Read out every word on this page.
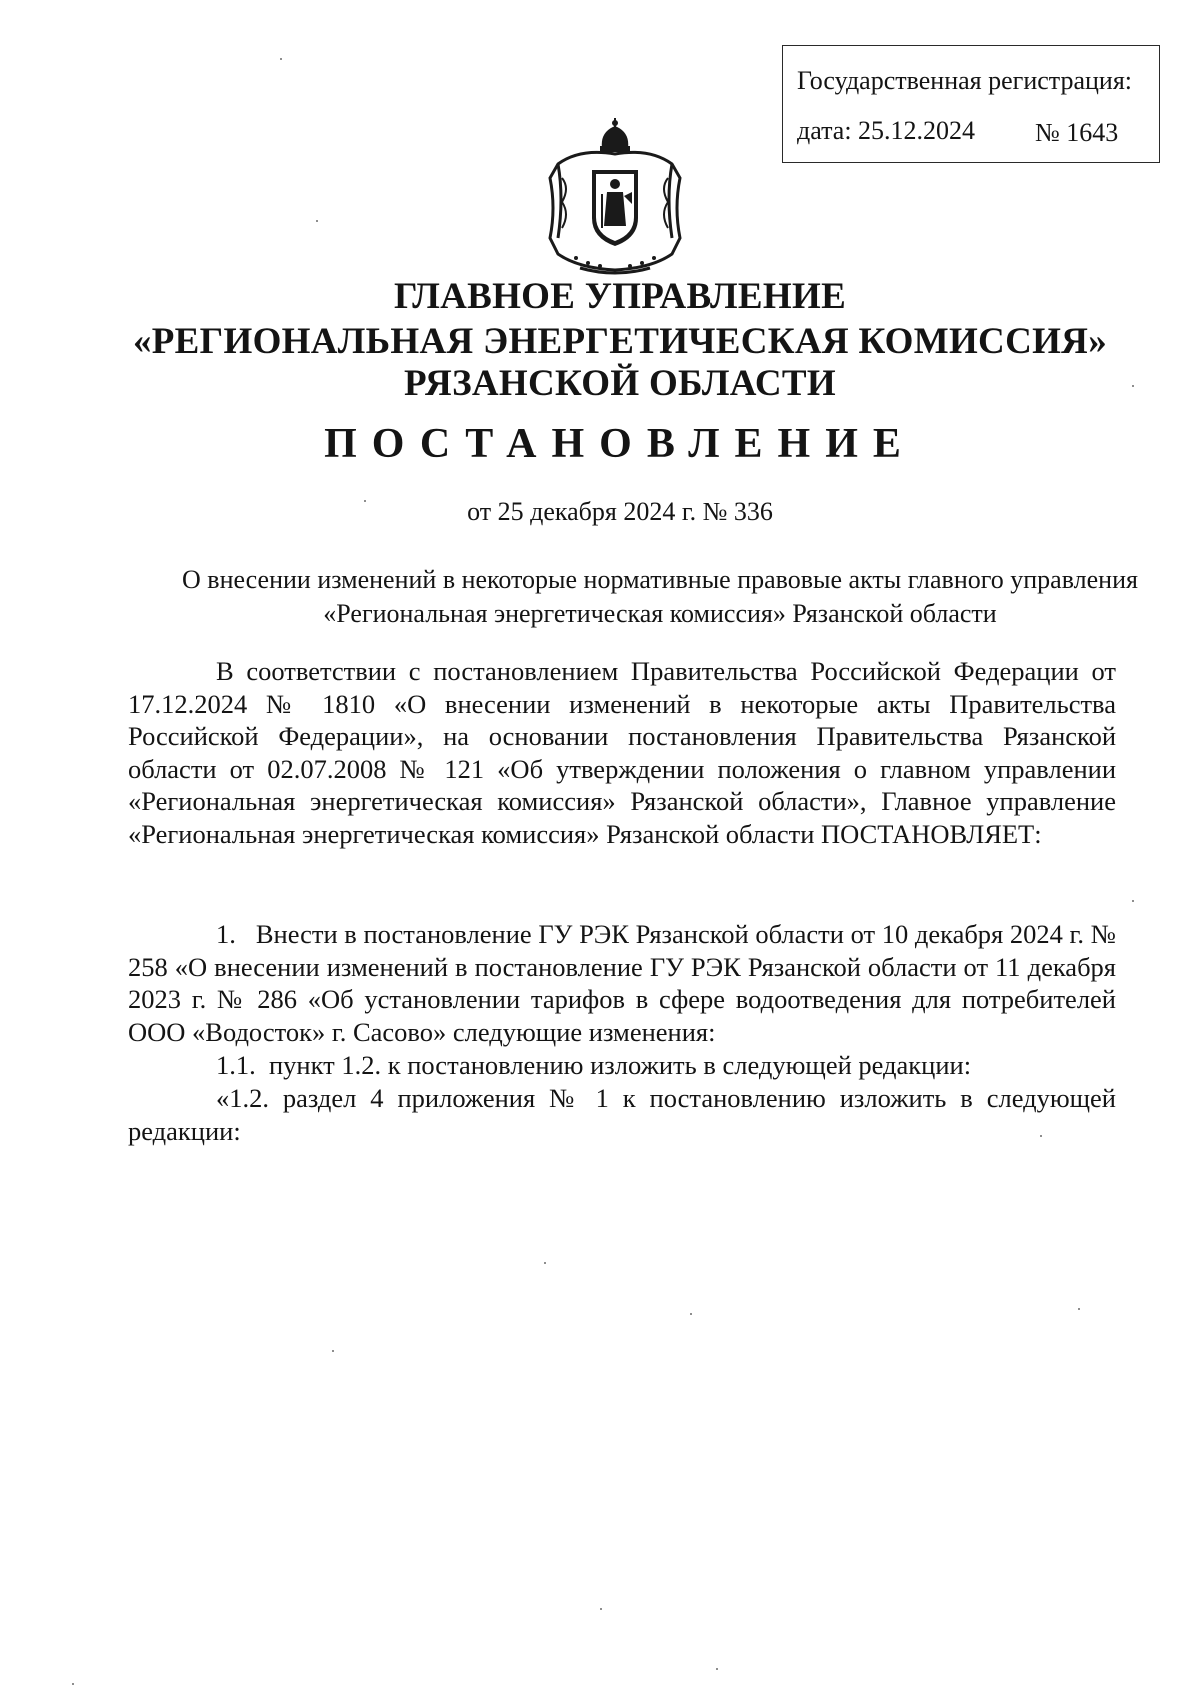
Государственная регистрация:
дата: 25.12.2024 № 1643
ГЛАВНОЕ УПРАВЛЕНИЕ
«РЕГИОНАЛЬНАЯ ЭНЕРГЕТИЧЕСКАЯ КОМИССИЯ»
РЯЗАНСКОЙ ОБЛАСТИ
ПОСТАНОВЛЕНИЕ
от 25 декабря 2024 г. № 336
О внесении изменений в некоторые нормативные правовые акты главного управления «Региональная энергетическая комиссия» Рязанской области

В соответствии с постановлением Правительства Российской Федерации от 17.12.2024 № 1810 «О внесении изменений в некоторые акты Правительства Российской Федерации», на основании постановления Правительства Рязанской области от 02.07.2008 № 121 «Об утверждении положения о главном управлении «Региональная энергетическая комиссия» Рязанской области», Главное управление «Региональная энергетическая комиссия» Рязанской области ПОСТАНОВЛЯЕТ:

1.   Внести в постановление ГУ РЭК Рязанской области от 10 декабря 2024 г. № 258 «О внесении изменений в постановление ГУ РЭК Рязанской области от 11 декабря 2023 г. № 286 «Об установлении тарифов в сфере водоотведения для потребителей ООО «Водосток» г. Сасово» следующие изменения:

1.1.  пункт 1.2. к постановлению изложить в следующей редакции:

«1.2. раздел 4 приложения № 1 к постановлению изложить в следующей редакции:
